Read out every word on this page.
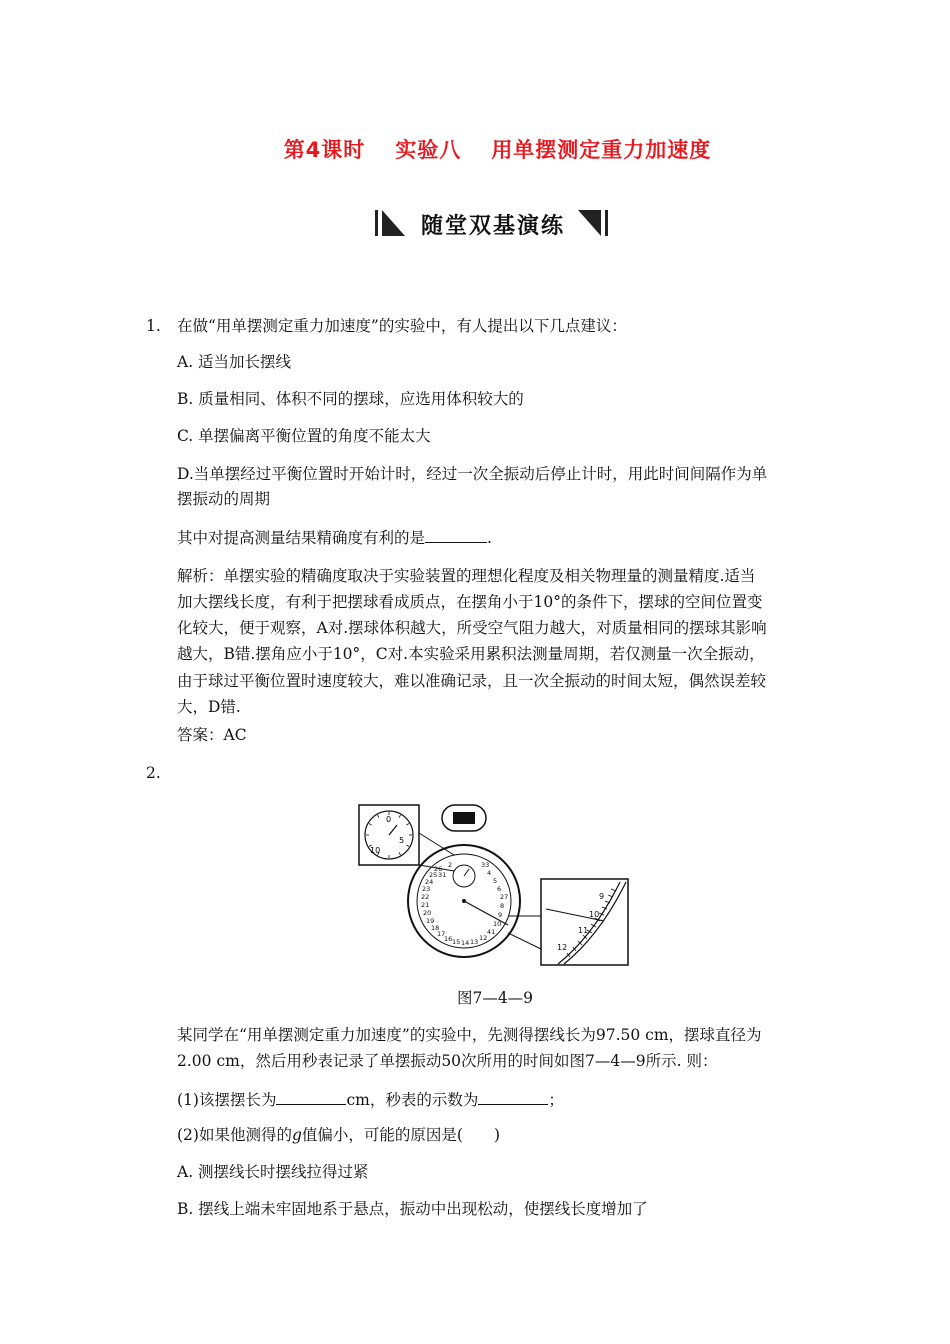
第4课时 实验八 用单摆测定重力加速度
随堂双基演练
1. 在做“用单摆测定重力加速度”的实验中，有人提出以下几点建议：
A. 适当加长摆线
B. 质量相同、体积不同的摆球，应选用体积较大的
C. 单摆偏离平衡位置的角度不能太大
D.当单摆经过平衡位置时开始计时，经过一次全振动后停止计时，用此时间间隔作为单
摆振动的周期
其中对提高测量结果精确度有利的是	.
解析：单摆实验的精确度取决于实验装置的理想化程度及相关物理量的测量精度.适当
加大摆线长度，有利于把摆球看成质点，在摆角小于10°的条件下，摆球的空间位置变
化较大，便于观察，A对.摆球体积越大，所受空气阻力越大，对质量相同的摆球其影响
越大，B错.摆角应小于10°，C对.本实验采用累积法测量周期，若仅测量一次全振动，
由于球过平衡位置时速度较大，难以准确记录，且一次全振动的时间太短，偶然误差较
大，D错.
答案：AC
2.
0
10
5
31
2	33
4
5
6
27
8
9
10
41
12
13
14
15
16
17
18
19
20
21
22
23
24
25
26
9
10
11
12
图7—4—9
某同学在“用单摆测定重力加速度”的实验中，先测得摆线长为97.50 cm，摆球直径为
2.00 cm，然后用秒表记录了单摆振动50次所用的时间如图7—4—9所示. 则：
(1)该摆摆长为	cm，秒表的示数为	；
(2)如果他测得的g值偏小，可能的原因是(　　)
A. 测摆线长时摆线拉得过紧
B. 摆线上端未牢固地系于悬点，振动中出现松动，使摆线长度增加了
